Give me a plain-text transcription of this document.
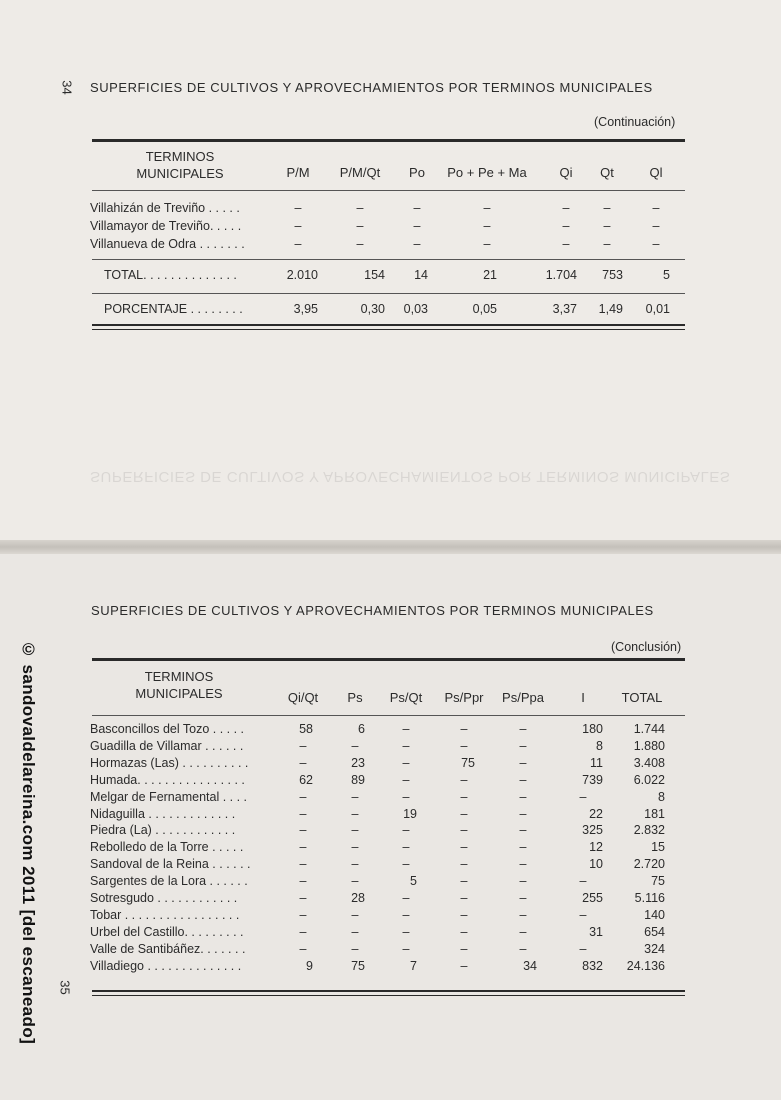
34 SUPERFICIES DE CULTIVOS Y APROVECHAMIENTOS POR TERMINOS MUNICIPALES
(Continuación)
TERMINOS
MUNICIPALES	P/M	P/M/Qt	Po	Po + Pe + Ma	Qi	Qt	Ql
Villahizán de Treviño . . . . .	–	–	–	–	–	–	–
Villamayor de Treviño. . . . .	–	–	–	–	–	–	–
Villanueva de Odra . . . . . . .	–	–	–	–	–	–	–
TOTAL. . . . . . . . . . . . . .	2.010	154	14	21	1.704	753	5
PORCENTAJE . . . . . . . .	3,95	0,30	0,03	0,05	3,37	1,49	0,01
SUPERFICIES DE CULTIVOS Y APROVECHAMIENTOS POR TERMINOS MUNICIPALES
SUPERFICIES DE CULTIVOS Y APROVECHAMIENTOS POR TERMINOS MUNICIPALES
(Conclusión)
TERMINOS
MUNICIPALES	Qi/Qt	Ps	Ps/Qt	Ps/Ppr	Ps/Ppa	I	TOTAL
Basconcillos del Tozo . . . . .	58	6	–	–	–	180	1.744
Guadilla de Villamar . . . . . .	–	–	–	–	–	8	1.880
Hormazas (Las) . . . . . . . . . .	–	23	–	75	–	11	3.408
Humada. . . . . . . . . . . . . . . .	62	89	–	–	–	739	6.022
Melgar de Fernamental . . . .	–	–	–	–	–	–	8
Nidaguilla . . . . . . . . . . . . .	–	–	19	–	–	22	181
Piedra (La) . . . . . . . . . . . .	–	–	–	–	–	325	2.832
Rebolledo de la Torre . . . . .	–	–	–	–	–	12	15
Sandoval de la Reina . . . . . .	–	–	–	–	–	10	2.720
Sargentes de la Lora . . . . . .	–	–	5	–	–	–	75
Sotresgudo . . . . . . . . . . . .	–	28	–	–	–	255	5.116
Tobar . . . . . . . . . . . . . . . . .	–	–	–	–	–	–	140
Urbel del Castillo. . . . . . . . .	–	–	–	–	–	31	654
Valle de Santibáñez. . . . . . .	–	–	–	–	–	–	324
Villadiego . . . . . . . . . . . . . .	9	75	7	–	34	832	24.136
35
© sandovaldelareina.com 2011 [del escaneado]
